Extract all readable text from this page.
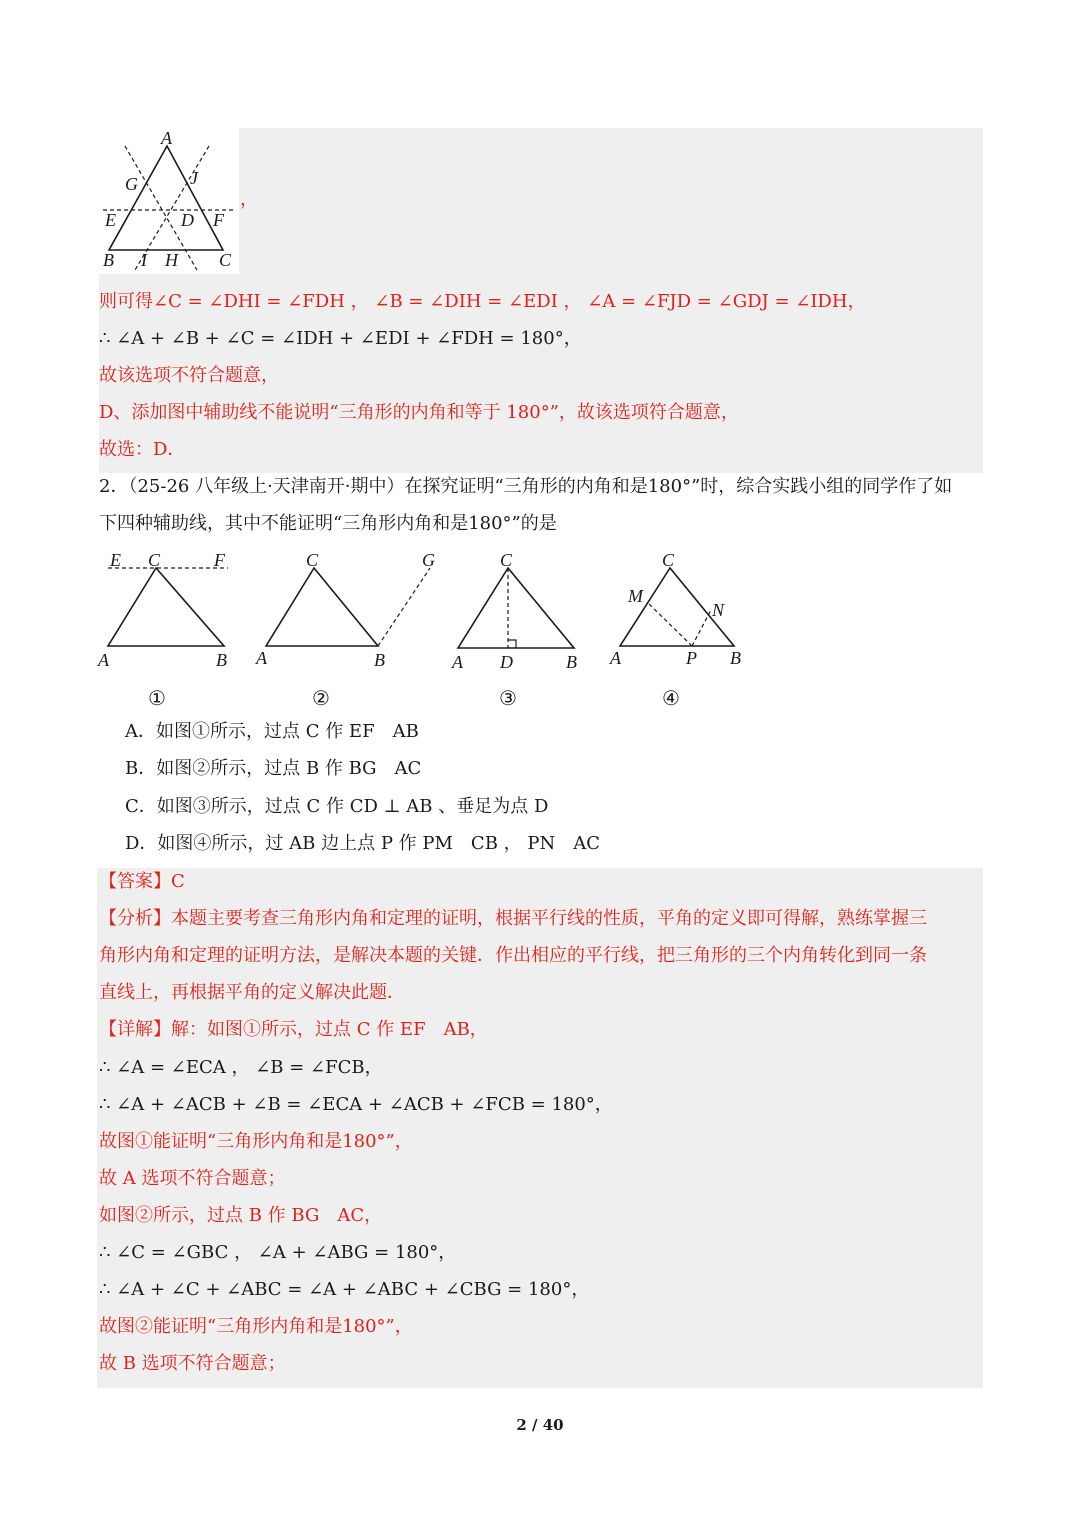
A
G	J
E	D F
B I H C
，
则可得∠C = ∠DHI = ∠FDH ， ∠B = ∠DIH = ∠EDI ， ∠A = ∠FJD = ∠GDJ = ∠IDH，
∴ ∠A + ∠B + ∠C = ∠IDH + ∠EDI + ∠FDH = 180°，
故该选项不符合题意，
D、添加图中辅助线不能说明“三角形的内角和等于 180°”，故该选项符合题意，
故选：D．
2．（25-26 八年级上·天津南开·期中）在探究证明“三角形的内角和是180°”时，综合实践小组的同学作了如
下四种辅助线，其中不能证明“三角形内角和是180°”的是
E C	F
A	B
C	G
A	B
C
A D	B
C
M
N
A	P B
①	②	③	④
A．如图①所示，过点 C 作 EF　AB
B．如图②所示，过点 B 作 BG　AC
C．如图③所示，过点 C 作 CD ⊥ AB 、垂足为点 D
D．如图④所示，过 AB 边上点 P 作 PM　CB ， PN　AC
【答案】C
【分析】本题主要考查三角形内角和定理的证明，根据平行线的性质，平角的定义即可得解，熟练掌握三
角形内角和定理的证明方法，是解决本题的关键．作出相应的平行线，把三角形的三个内角转化到同一条
直线上，再根据平角的定义解决此题．
【详解】解：如图①所示，过点 C 作 EF　AB，
∴ ∠A = ∠ECA ， ∠B = ∠FCB，
∴ ∠A + ∠ACB + ∠B = ∠ECA + ∠ACB + ∠FCB = 180°，
故图①能证明“三角形内角和是180°”，
故 A 选项不符合题意；
如图②所示，过点 B 作 BG　AC，
∴ ∠C = ∠GBC ， ∠A + ∠ABG = 180°，
∴ ∠A + ∠C + ∠ABC = ∠A + ∠ABC + ∠CBG = 180°，
故图②能证明“三角形内角和是180°”，
故 B 选项不符合题意；
2 / 40
